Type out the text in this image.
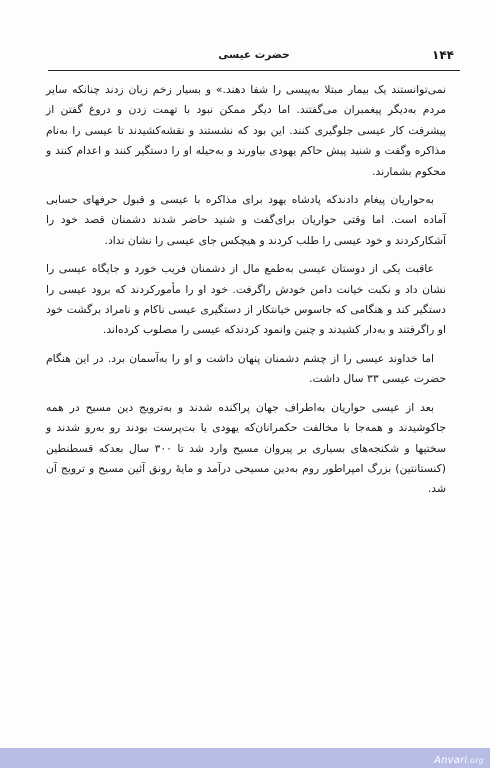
۱۴۴
حضرت عیسی

نمی‌توانستند یک بیمار مبتلا به‌پیسی را شفا دهند.» و بسیار زخم زبان زدند چنانکه سایر مردم به‌دیگر پیغمبران می‌گفتند. اما دیگر ممکن نبود با تهمت زدن و دروغ گفتن از پیشرفت کار عیسی جلوگیری کنند. این بود که نشستند و نقشه‌کشیدند تا عیسی را به‌نام مذاکره وگفت و شنید پیش حاکم یهودی بیاورند و به‌حیله او را دستگیر کنند و اعدام کنند و محکوم بشمارند.

به‌حواریان پیغام دادندکه پادشاه یهود برای مذاکره با عیسی و قبول حرفهای حسابی آماده است. اما وقتی حواریان برای‌گفت و شنید حاضر شدند دشمنان قصد خود را آشکارکردند و خود عیسی را طلب کردند و هیچکس جای عیسی را نشان نداد.

عاقبت یکی از دوستان عیسی به‌طمع مال از دشمنان فریب خورد و جایگاه عیسی را نشان داد و نکبت خیانت دامن خودش راگرفت. خود او را مأمورکردند که برود عیسی را دستگیر کند و هنگامی که جاسوس خیانتکار از دستگیری عیسی ناکام و نامراد برگشت خود او راگرفتند و به‌دار کشیدند و چنین وانمود کردندکه عیسی را مصلوب کرده‌اند.

اما خداوند عیسی را از چشم دشمنان پنهان داشت و او را به‌آسمان برد. در این هنگام حضرت عیسی ۳۳ سال داشت.

بعد از عیسی حواریان به‌اطراف جهان پراکنده شدند و به‌ترویج دین مسیح در همه جاکوشیدند و همه‌جا با مخالفت حکمرانان‌که یهودی یا بت‌پرست بودند رو به‌رو شدند و سختیها و شکنجه‌های بسیاری بر پیروان مسیح وارد شد تا ۳۰۰ سال بعدکه قسطنطین (کنستانتین) بزرگ امپراطور روم به‌دین مسیحی درآمد و مایهٔ رونق آئین مسیح و ترویج آن شد.

Anvari.org
